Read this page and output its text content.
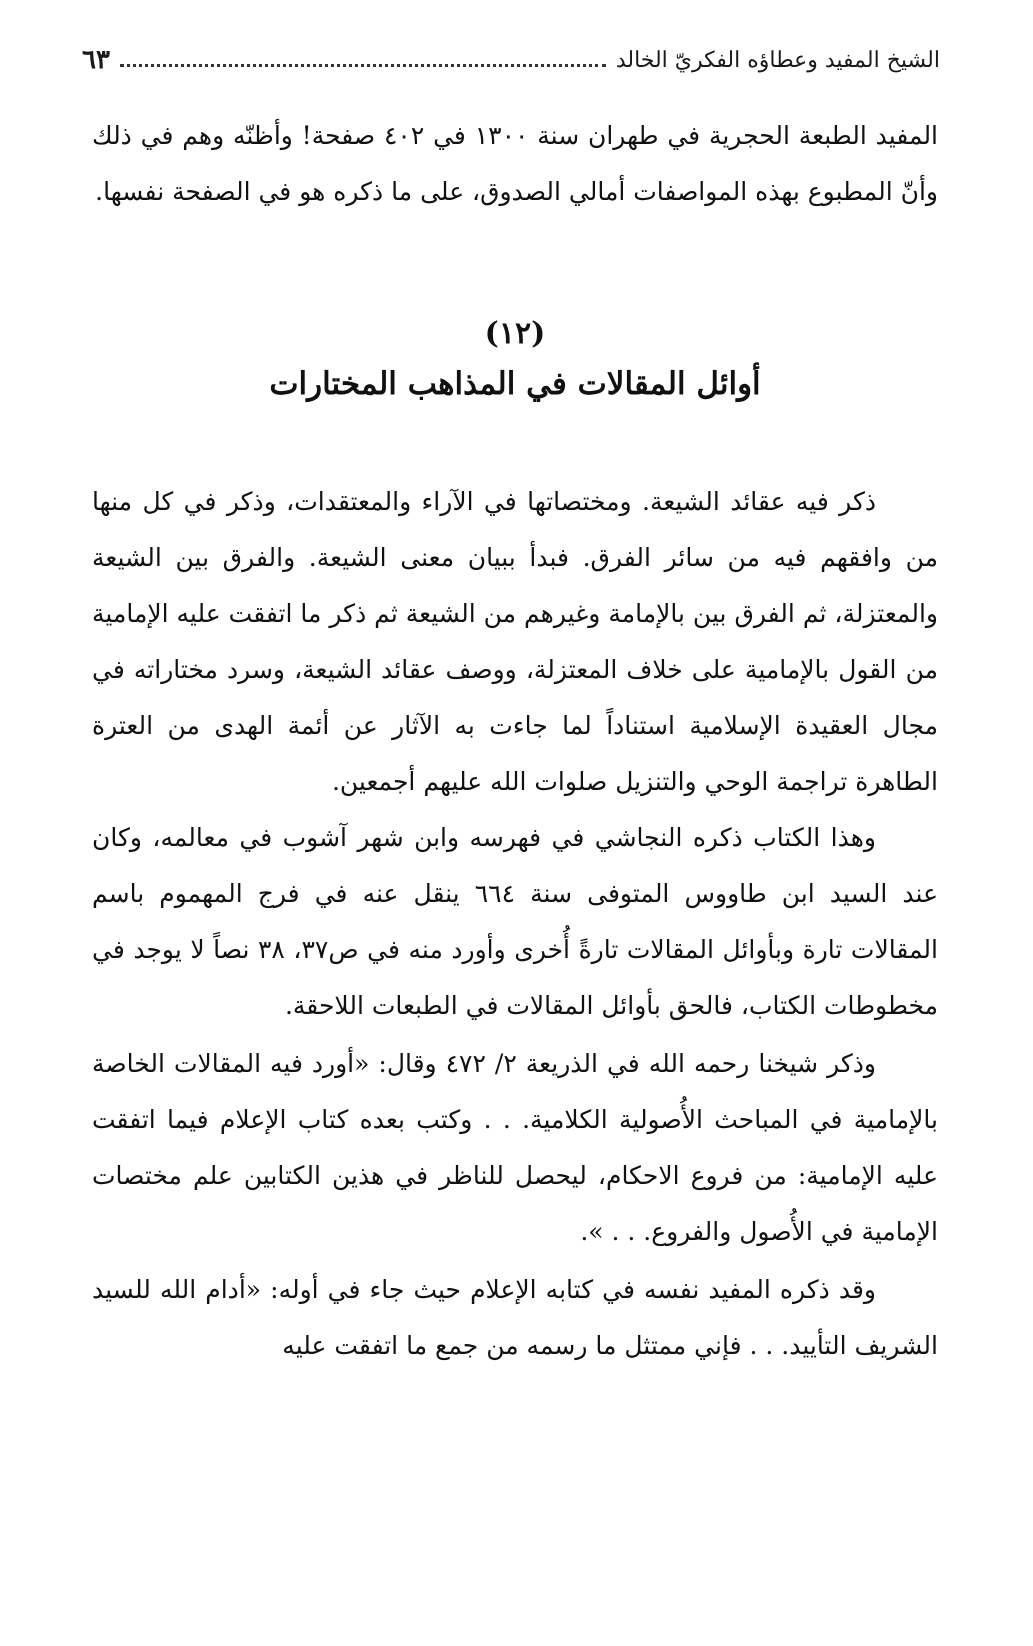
الشيخ المفيد وعطاؤه الفكريّ الخالد
٦٣

المفيد الطبعة الحجرية في طهران سنة ١٣٠٠ في ٤٠٢ صفحة! وأظنّه وهم في ذلك وأنّ المطبوع بهذه المواصفات أمالي الصدوق، على ما ذكره هو في الصفحة نفسها.

(١٢)
أوائل المقالات في المذاهب المختارات

ذكر فيه عقائد الشيعة. ومختصاتها في الآراء والمعتقدات، وذكر في كل منها من وافقهم فيه من سائر الفرق. فبدأ ببيان معنى الشيعة. والفرق بين الشيعة والمعتزلة، ثم الفرق بين بالإمامة وغيرهم من الشيعة ثم ذكر ما اتفقت عليه الإمامية من القول بالإمامية على خلاف المعتزلة، ووصف عقائد الشيعة، وسرد مختاراته في مجال العقيدة الإسلامية استناداً لما جاءت به الآثار عن أئمة الهدى من العترة الطاهرة تراجمة الوحي والتنزيل صلوات الله عليهم أجمعين.

وهذا الكتاب ذكره النجاشي في فهرسه وابن شهر آشوب في معالمه، وكان عند السيد ابن طاووس المتوفى سنة ٦٦٤ ينقل عنه في فرج المهموم باسم المقالات تارة وبأوائل المقالات تارةً أُخرى وأورد منه في ص٣٧، ٣٨ نصاً لا يوجد في مخطوطات الكتاب، فالحق بأوائل المقالات في الطبعات اللاحقة.

وذكر شيخنا رحمه الله في الذريعة ٢/ ٤٧٢ وقال: «أورد فيه المقالات الخاصة بالإمامية في المباحث الأُصولية الكلامية. . . وكتب بعده كتاب الإعلام فيما اتفقت عليه الإمامية: من فروع الاحكام، ليحصل للناظر في هذين الكتابين علم مختصات الإمامية في الأُصول والفروع. . . ».

وقد ذكره المفيد نفسه في كتابه الإعلام حيث جاء في أوله: «أدام الله للسيد الشريف التأييد. . . فإني ممتثل ما رسمه من جمع ما اتفقت عليه
